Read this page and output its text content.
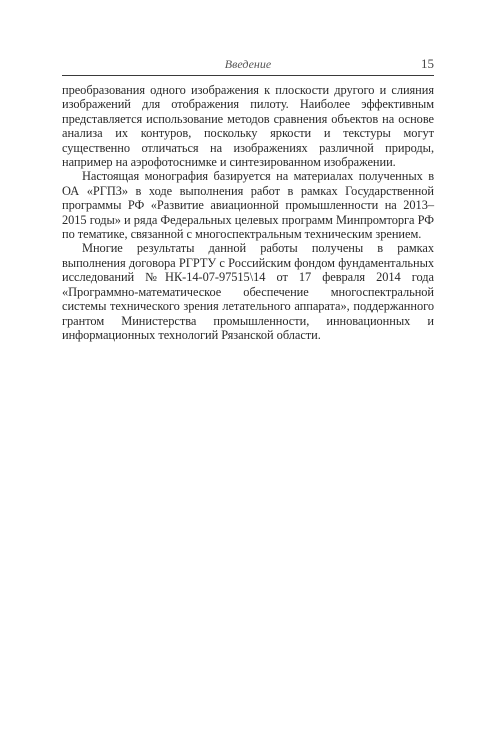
Введение	15

преобразования одного изображения к плоскости другого и слияния изображений для отображения пилоту. Наиболее эффективным представляется использование методов сравнения объектов на основе анализа их контуров, поскольку яркости и текстуры могут существенно отличаться на изображениях различной природы, например на аэрофотоснимке и синтезированном изображении.

Настоящая монография базируется на материалах полученных в ОА «РГПЗ» в ходе выполнения работ в рамках Государственной программы РФ «Развитие авиационной промышленности на 2013–2015 годы» и ряда Федеральных целевых программ Минпромторга РФ по тематике, связанной с многоспектральным техническим зрением.

Многие результаты данной работы получены в рамках выполнения договора РГРТУ с Российским фондом фундаментальных исследований №НК-14-07-97515\14 от 17 февраля 2014 года «Программно-математическое обеспечение многоспектральной системы технического зрения летательного аппарата», поддержанного грантом Министерства промышленности, инновационных и информационных технологий Рязанской области.
